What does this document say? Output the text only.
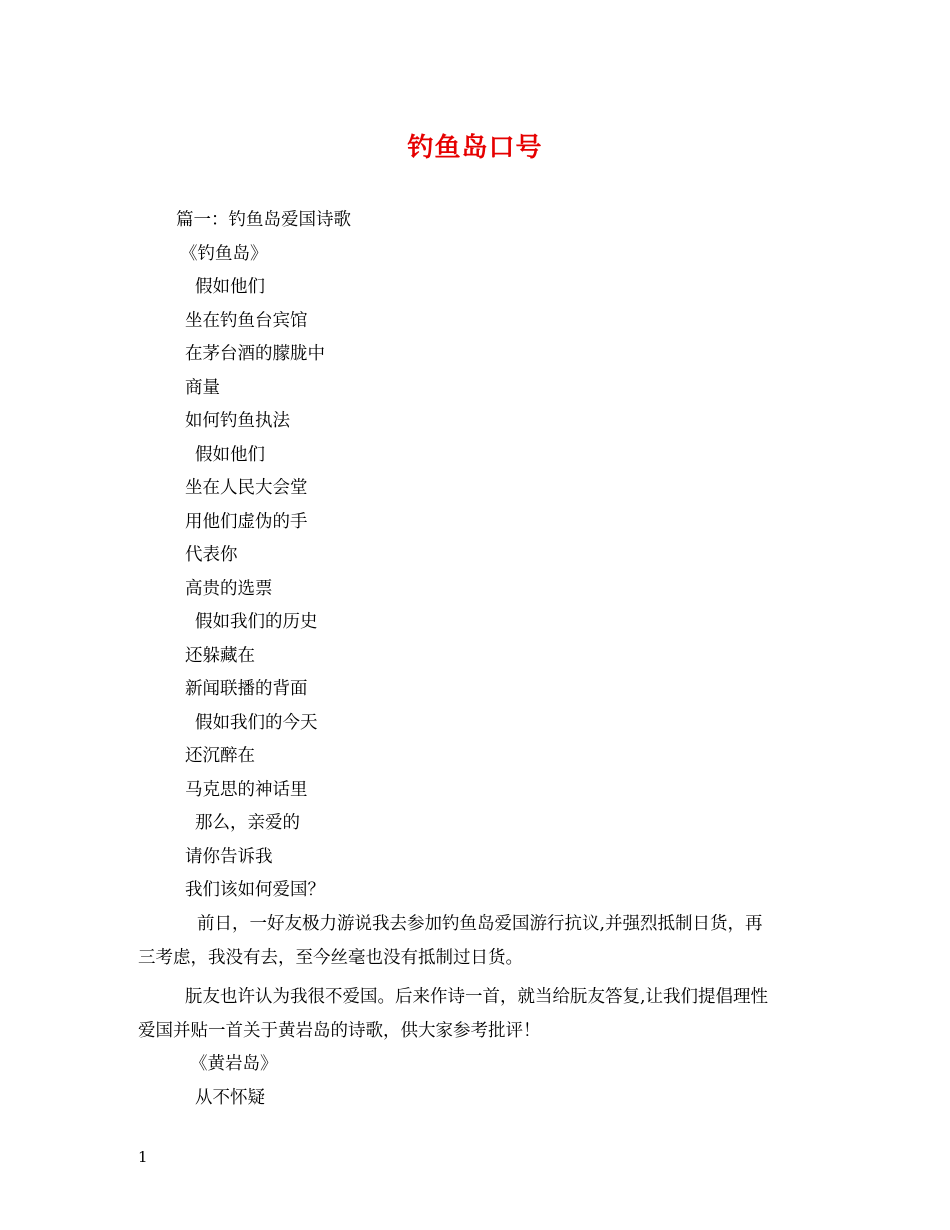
钓鱼岛口号
篇一：钓鱼岛爱国诗歌
《钓鱼岛》
假如他们
坐在钓鱼台宾馆
在茅台酒的朦胧中
商量
如何钓鱼执法
假如他们
坐在人民大会堂
用他们虚伪的手
代表你
高贵的选票
假如我们的历史
还躲藏在
新闻联播的背面
假如我们的今天
还沉醉在
马克思的神话里
那么，亲爱的
请你告诉我
我们该如何爱国？
前日，一好友极力游说我去参加钓鱼岛爱国游行抗议,并强烈抵制日货，再
三考虑，我没有去，至今丝毫也没有抵制过日货。
朊友也许认为我很不爱国。后来作诗一首，就当给朊友答复,让我们提倡理性
爱国并贴一首关于黄岩岛的诗歌，供大家参考批评！
《黄岩岛》
从不怀疑
1
